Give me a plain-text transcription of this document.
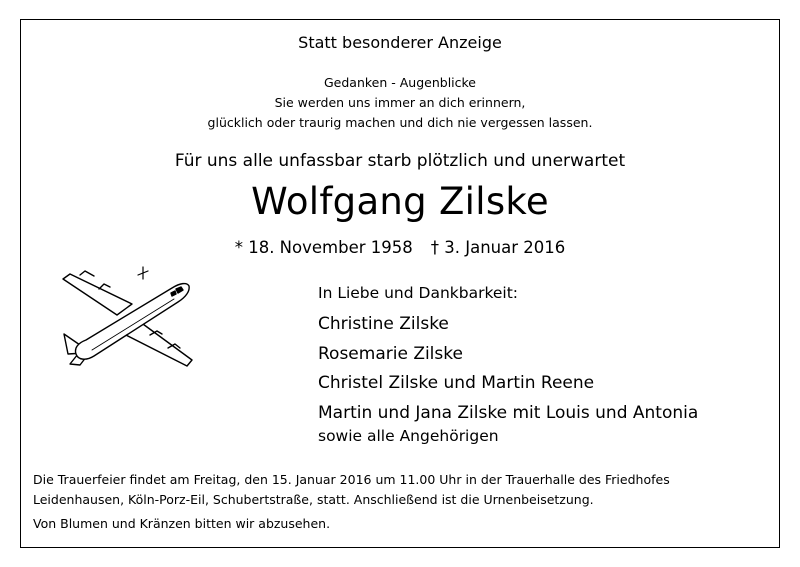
Statt besonderer Anzeige
Gedanken - Augenblicke
Sie werden uns immer an dich erinnern,
glücklich oder traurig machen und dich nie vergessen lassen.
Für uns alle unfassbar starb plötzlich und unerwartet
Wolfgang Zilske
* 18. November 1958 † 3. Januar 2016
In Liebe und Dankbarkeit:
Christine Zilske
Rosemarie Zilske
Christel Zilske und Martin Reene
Martin und Jana Zilske mit Louis und Antonia
sowie alle Angehörigen
Die Trauerfeier findet am Freitag, den 15. Januar 2016 um 11.00 Uhr in der Trauerhalle des Friedhofes
Leidenhausen, Köln-Porz-Eil, Schubertstraße, statt. Anschließend ist die Urnenbeisetzung.
Von Blumen und Kränzen bitten wir abzusehen.
